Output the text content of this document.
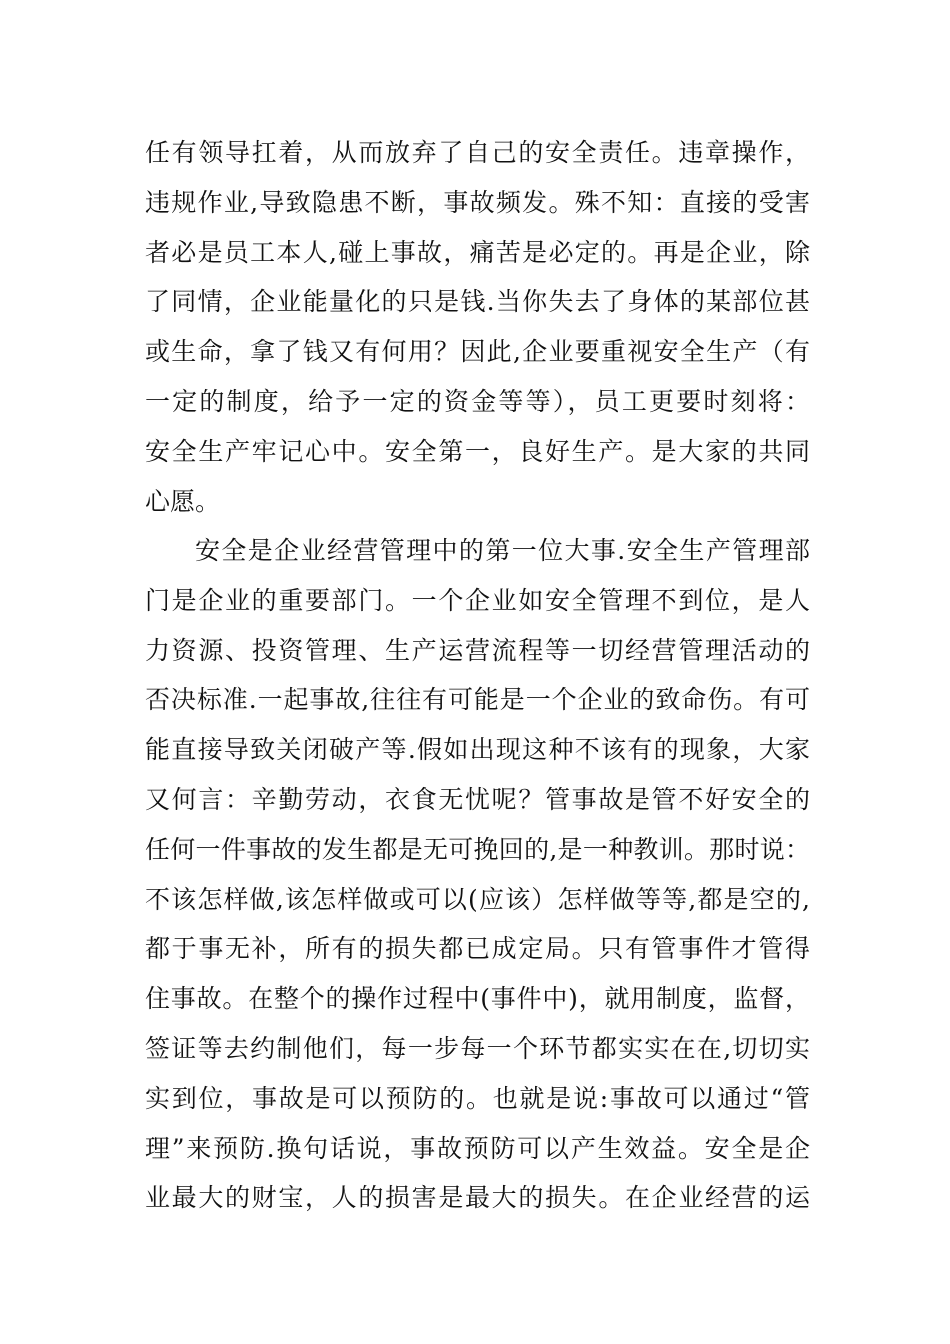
任有领导扛着，从而放弃了自己的安全责任。违章操作，
违规作业,导致隐患不断，事故频发。殊不知：直接的受害
者必是员工本人,碰上事故，痛苦是必定的。再是企业，除
了同情，企业能量化的只是钱.当你失去了身体的某部位甚
或生命，拿了钱又有何用？因此,企业要重视安全生产（有
一定的制度，给予一定的资金等等），员工更要时刻将：
安全生产牢记心中。安全第一，良好生产。是大家的共同
心愿。
安全是企业经营管理中的第一位大事.安全生产管理部
门是企业的重要部门。一个企业如安全管理不到位，是人
力资源、投资管理、生产运营流程等一切经营管理活动的
否决标准.一起事故,往往有可能是一个企业的致命伤。有可
能直接导致关闭破产等.假如出现这种不该有的现象，大家
又何言：辛勤劳动，衣食无忧呢？管事故是管不好安全的
任何一件事故的发生都是无可挽回的,是一种教训。那时说：
不该怎样做,该怎样做或可以(应该）怎样做等等,都是空的,
都于事无补，所有的损失都已成定局。只有管事件才管得
住事故。在整个的操作过程中(事件中)，就用制度，监督，
签证等去约制他们，每一步每一个环节都实实在在,切切实
实到位，事故是可以预防的。也就是说:事故可以通过“管
理”来预防.换句话说，事故预防可以产生效益。安全是企
业最大的财宝，人的损害是最大的损失。在企业经营的运
